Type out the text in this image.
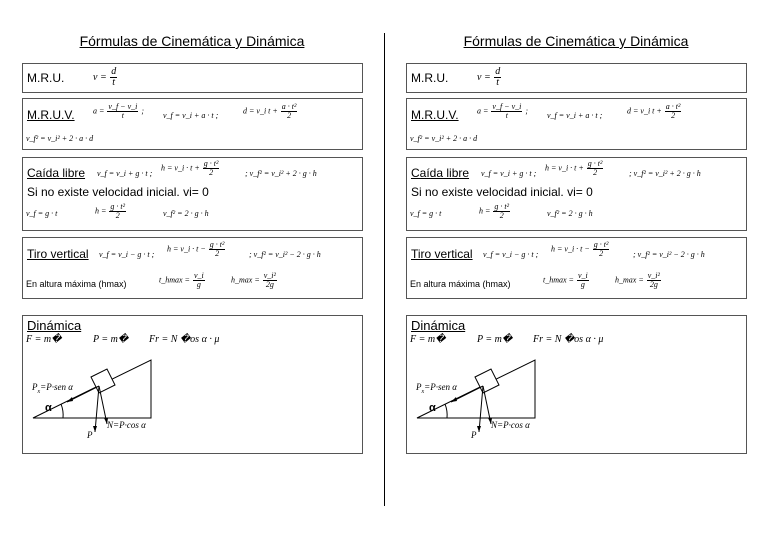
Fórmulas de Cinemática y Dinámica
M.R.U.	$v = \frac{d}{t}$
M.R.U.V. $a = \frac{v\_f - v\_i}{t}$ ;
v_f = v_i + a · t ;
d = v_i $t + \frac{\text{a · t²}}{2}$
v_f² = v_i² + 2 · a · d
Caída libre v_f = v_i + g · t ;
h = v_i · $t + \frac{\text{g · t²}}{2}$	; v_f² = v_i² + 2 · g · h
Si no existe velocidad inicial. vi= 0
v_f = g · t	$h = \frac{\text{g · t²}}{2}$	v_f² = 2 · g · h
Tiro vertical v_f = v_i − g · t ;
h = v_i · $t - \frac{\text{g · t²}}{2}$	; v_f² = v_i² − 2 · g · h
En altura máxima (hmax)	t_hmax = $\frac{v\_i}{g}$	h_max = $\frac{\text{v\_i²}}{2g}$
Dinámica
F = m�	P = m� Fr = N �os α · μ
$P_x=P\cdot sen$ α
α
P
N=P·cos α
Fórmulas de Cinemática y Dinámica
M.R.U.	$v = \frac{d}{t}$
M.R.U.V. $a = \frac{v\_f - v\_i}{t}$ ;
v_f = v_i + a · t ;
d = v_i $t + \frac{\text{a · t²}}{2}$
v_f² = v_i² + 2 · a · d
Caída libre v_f = v_i + g · t ;
h = v_i · $t + \frac{\text{g · t²}}{2}$	; v_f² = v_i² + 2 · g · h
Si no existe velocidad inicial. vi= 0
v_f = g · t	$h = \frac{\text{g · t²}}{2}$	v_f² = 2 · g · h
Tiro vertical v_f = v_i − g · t ;
h = v_i · $t - \frac{\text{g · t²}}{2}$	; v_f² = v_i² − 2 · g · h
En altura máxima (hmax)	t_hmax = $\frac{v\_i}{g}$	h_max = $\frac{\text{v\_i²}}{2g}$
Dinámica
F = m�	P = m� Fr = N �os α · μ
$P_x=P\cdot sen$ α
α
P
N=P·cos α
